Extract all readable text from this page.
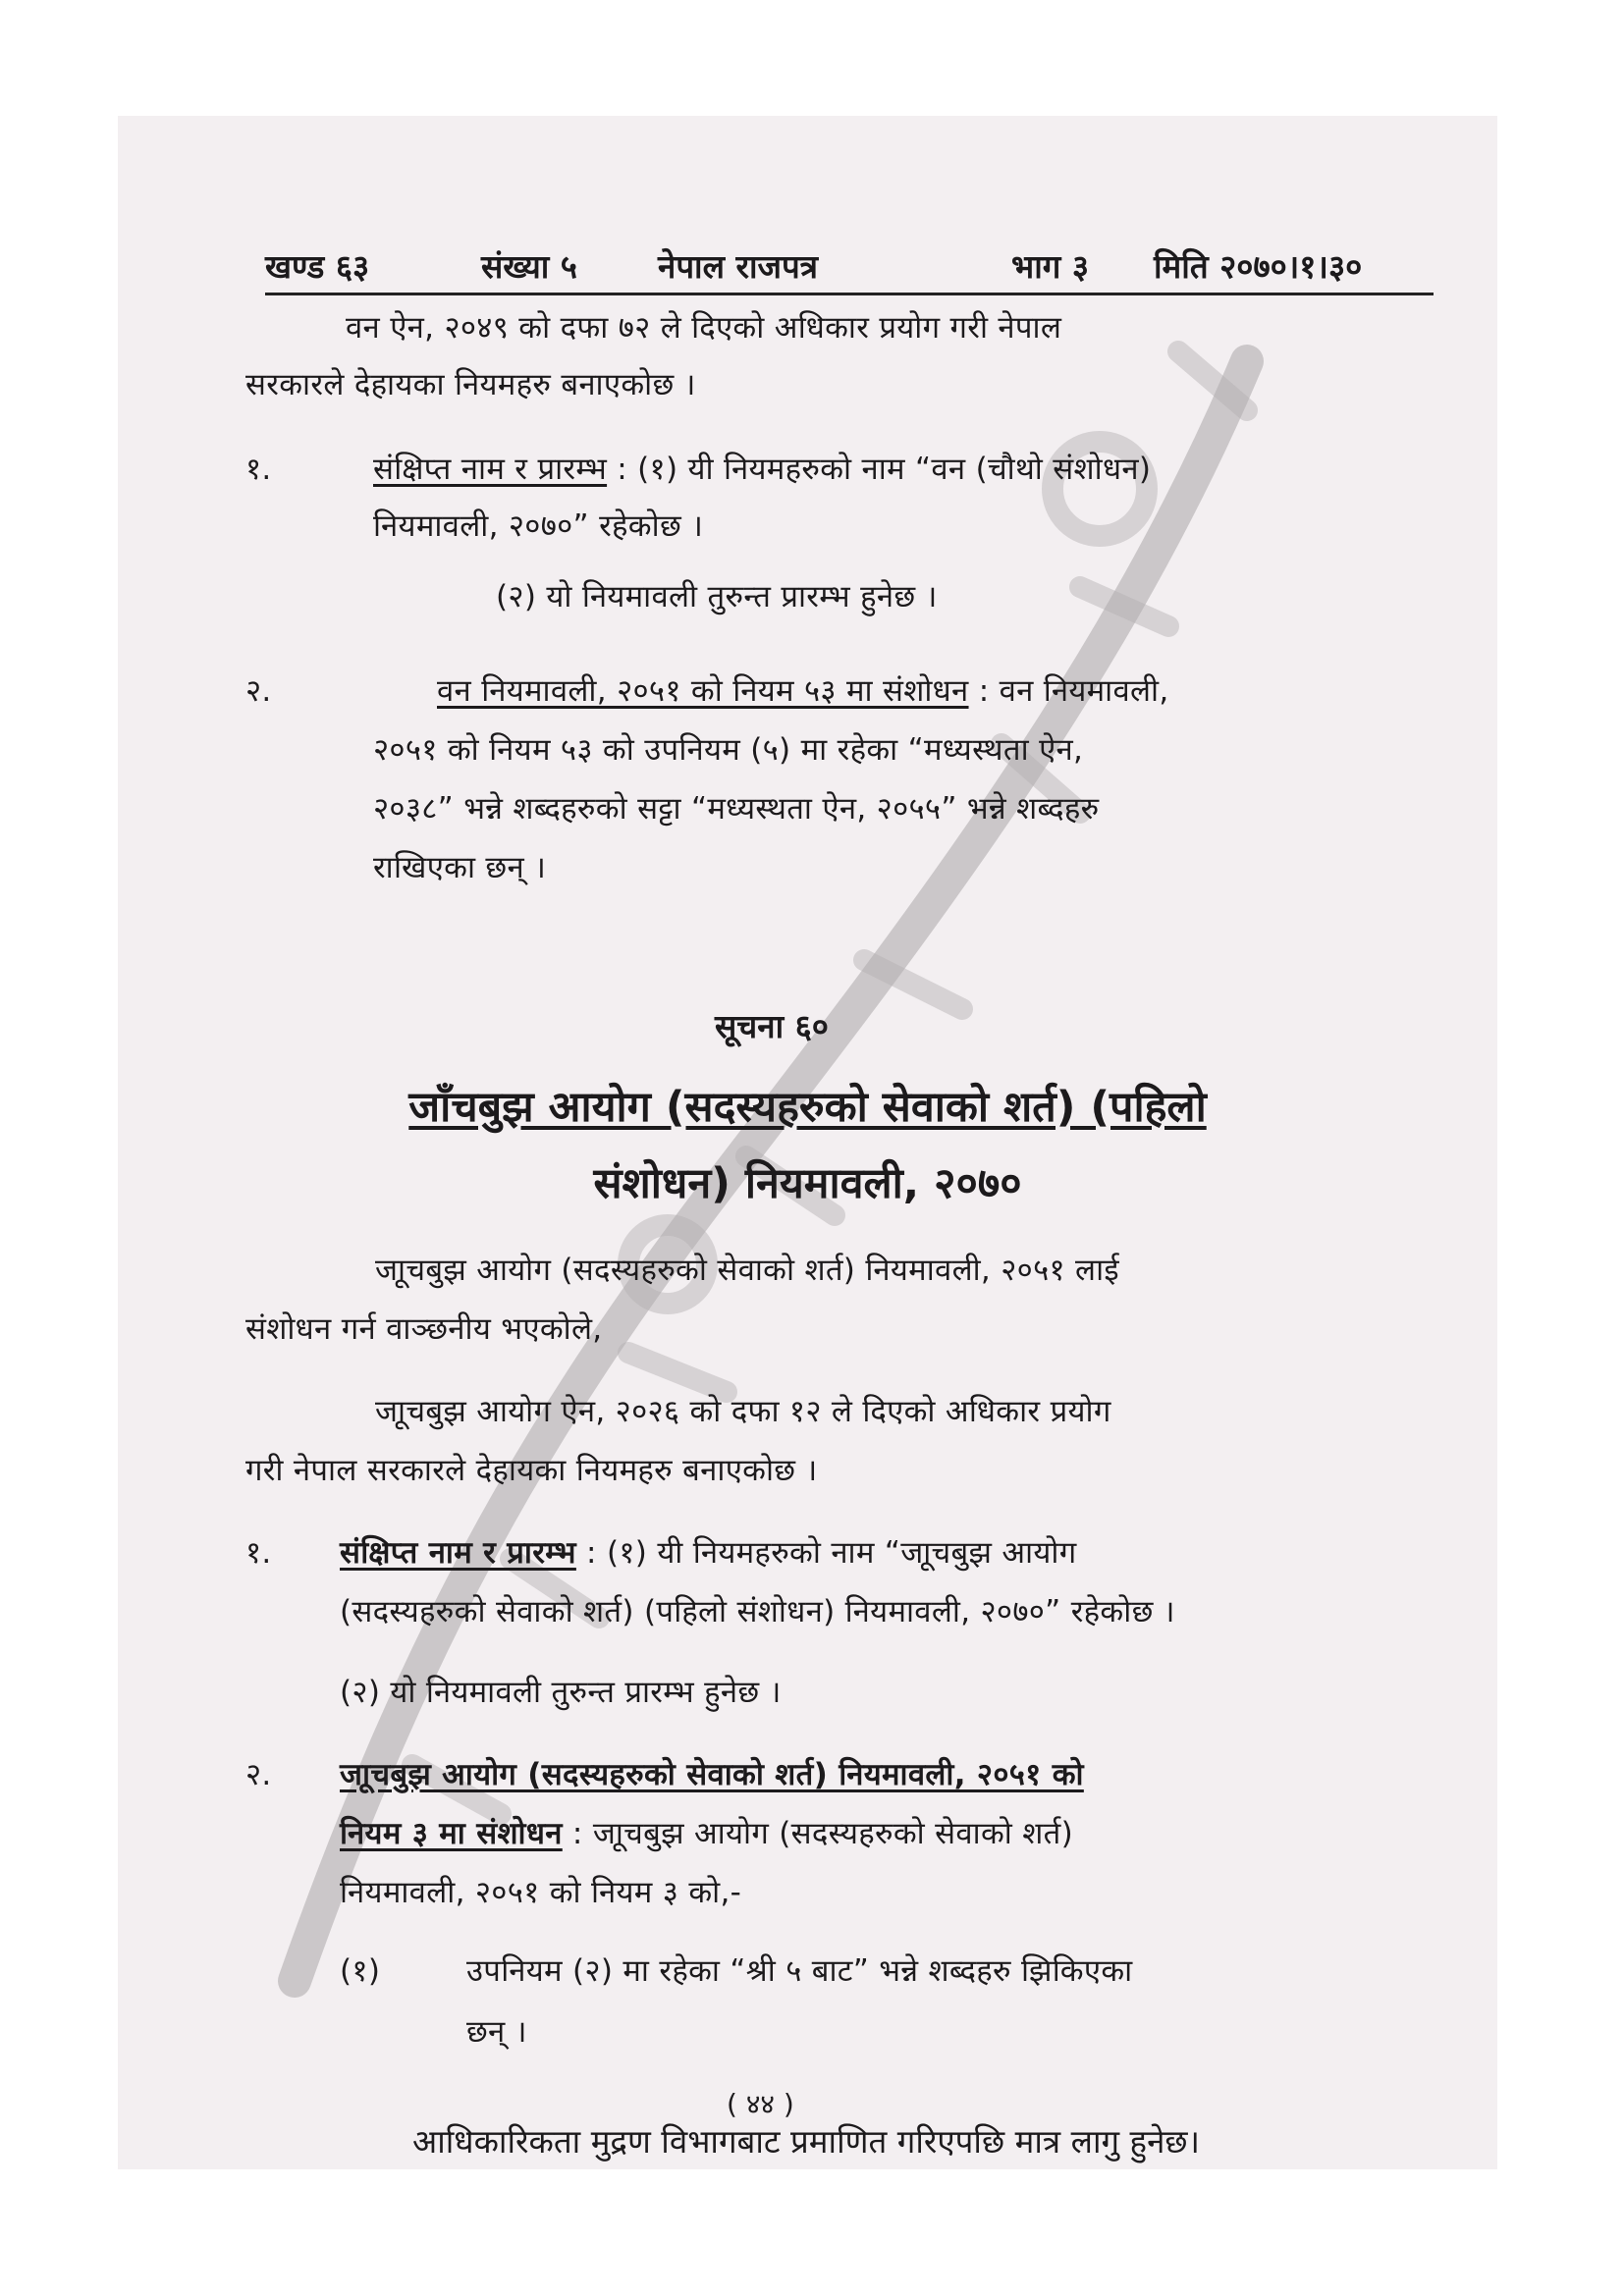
खण्ड ६३	संख्या ५ नेपाल राजपत्र	भाग ३ मिति २०७०।१।३०
वन ऐन, २०४९ को दफा ७२ ले दिएको अधिकार प्रयोग गरी नेपाल
सरकारले देहायका नियमहरु बनाएकोछ ।
१.	संक्षिप्त नाम र प्रारम्भ : (१) यी नियमहरुको नाम “वन (चौथो संशोधन)
नियमावली, २०७०” रहेकोछ ।
(२) यो नियमावली तुरुन्त प्रारम्भ हुनेछ ।
२.	वन नियमावली, २०५१ को नियम ५३ मा संशोधन : वन नियमावली,
२०५१ को नियम ५३ को उपनियम (५) मा रहेका “मध्यस्थता ऐन,
२०३८” भन्ने शब्दहरुको सट्टा “मध्यस्थता ऐन, २०५५” भन्ने शब्दहरु
राखिएका छन् ।
सूचना ६०
जाँचबुझ आयोग (सदस्यहरुको सेवाको शर्त) (पहिलो
संशोधन) नियमावली, २०७०
जाूचबुझ आयोग (सदस्यहरुको सेवाको शर्त) नियमावली, २०५१ लाई
संशोधन गर्न वाञ्छनीय भएकोले,
जाूचबुझ आयोग ऐन, २०२६ को दफा १२ ले दिएको अधिकार प्रयोग
गरी नेपाल सरकारले देहायका नियमहरु बनाएकोछ ।
१. संक्षिप्त नाम र प्रारम्भ : (१) यी नियमहरुको नाम “जाूचबुझ आयोग
(सदस्यहरुको सेवाको शर्त) (पहिलो संशोधन) नियमावली, २०७०” रहेकोछ ।
(२) यो नियमावली तुरुन्त प्रारम्भ हुनेछ ।
२. जाूचबुझ आयोग (सदस्यहरुको सेवाको शर्त) नियमावली, २०५१ को
नियम ३ मा संशोधन : जाूचबुझ आयोग (सदस्यहरुको सेवाको शर्त)
नियमावली, २०५१ को नियम ३ को,-
(१)	उपनियम (२) मा रहेका “श्री ५ बाट” भन्ने शब्दहरु झिकिएका
छन् ।
( ४४ )
आधिकारिकता मुद्रण विभागबाट प्रमाणित गरिएपछि मात्र लागु हुनेछ।
